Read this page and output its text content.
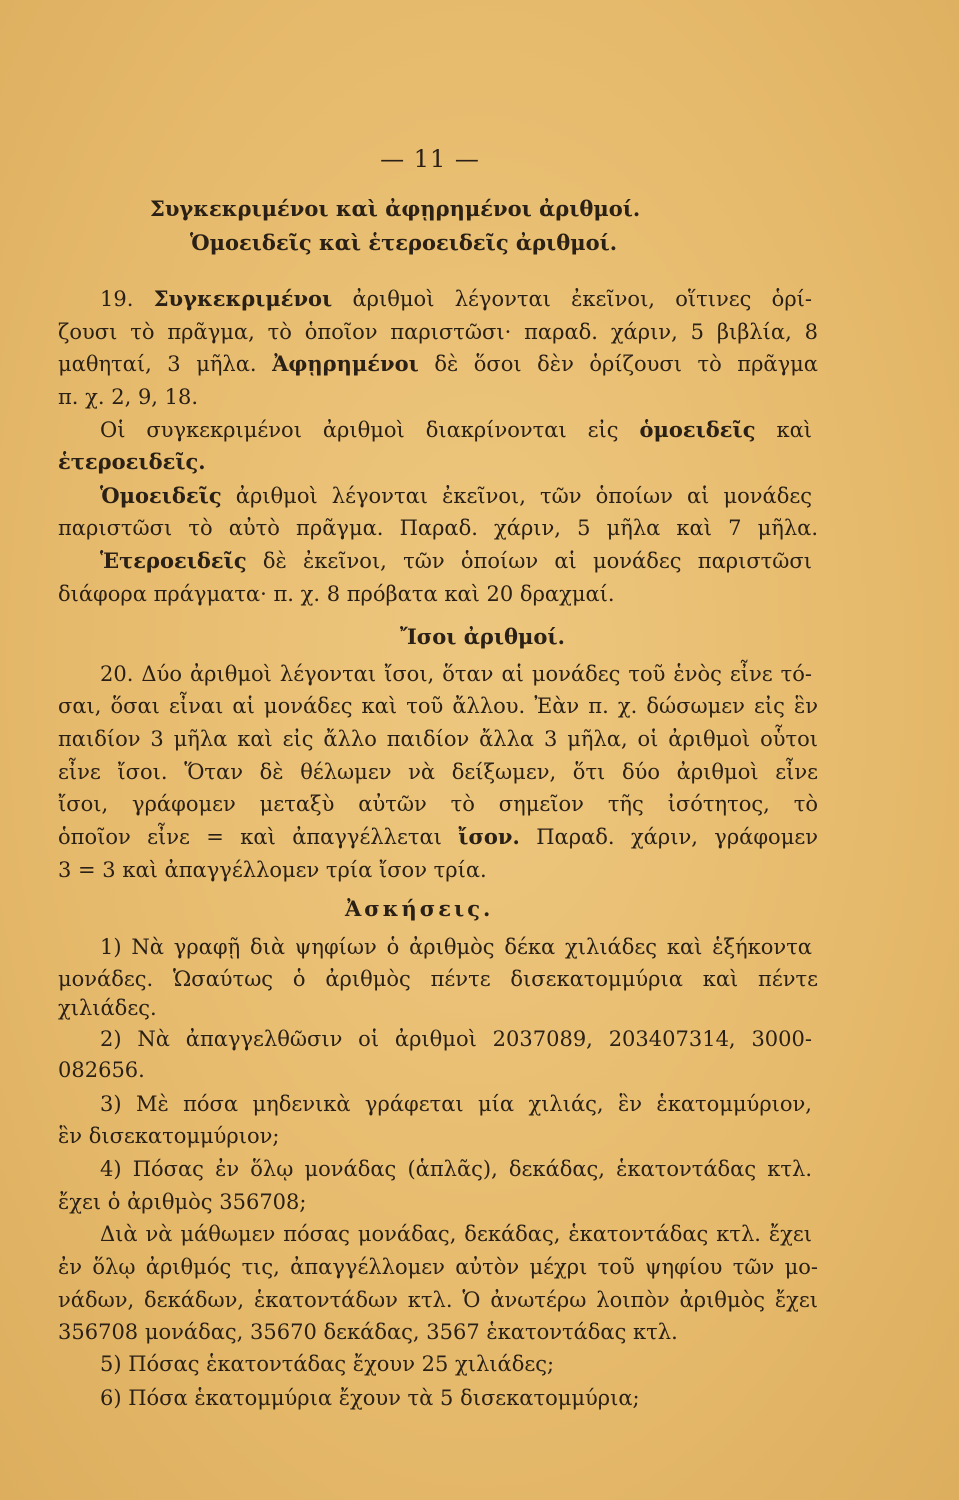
— 11 —
Συγκεκριμένοι καὶ ἀφῃρημένοι ἀριθμοί.
Ὁμοειδεῖς καὶ ἑτεροειδεῖς ἀριθμοί.
19. Συγκεκριμένοι ἀριθμοὶ λέγονται ἐκεῖνοι, οἵτινες ὁρί-
ζουσι τὸ πρᾶγμα, τὸ ὁποῖον παριστῶσι· παραδ. χάριν, 5 βιβλία, 8
μαθηταί, 3 μῆλα. Ἀφῃρημένοι δὲ ὅσοι δὲν ὁρίζουσι τὸ πρᾶγμα
π. χ. 2, 9, 18.
Οἱ συγκεκριμένοι ἀριθμοὶ διακρίνονται εἰς ὁμοειδεῖς καὶ
ἑτεροειδεῖς.
Ὁμοειδεῖς ἀριθμοὶ λέγονται ἐκεῖνοι, τῶν ὁποίων αἱ μονάδες
παριστῶσι τὸ αὐτὸ πρᾶγμα. Παραδ. χάριν, 5 μῆλα καὶ 7 μῆλα.
Ἑτεροειδεῖς δὲ ἐκεῖνοι, τῶν ὁποίων αἱ μονάδες παριστῶσι
διάφορα πράγματα· π. χ. 8 πρόβατα καὶ 20 δραχμαί.
Ἴσοι ἀριθμοί.
20. Δύο ἀριθμοὶ λέγονται ἴσοι, ὅταν αἱ μονάδες τοῦ ἑνὸς εἶνε τό-
σαι, ὅσαι εἶναι αἱ μονάδες καὶ τοῦ ἄλλου. Ἐὰν π. χ. δώσωμεν εἰς ἓν
παιδίον 3 μῆλα καὶ εἰς ἄλλο παιδίον ἄλλα 3 μῆλα, οἱ ἀριθμοὶ οὗτοι
εἶνε ἴσοι. Ὅταν δὲ θέλωμεν νὰ δείξωμεν, ὅτι δύο ἀριθμοὶ εἶνε
ἴσοι, γράφομεν μεταξὺ αὐτῶν τὸ σημεῖον τῆς ἰσότητος, τὸ
ὁποῖον εἶνε = καὶ ἀπαγγέλλεται ἴσον. Παραδ. χάριν, γράφομεν
3 = 3 καὶ ἀπαγγέλλομεν τρία ἴσον τρία.
Ἀσκήσεις.
1) Νὰ γραφῇ διὰ ψηφίων ὁ ἀριθμὸς δέκα χιλιάδες καὶ ἑξήκοντα
μονάδες. Ὡσαύτως ὁ ἀριθμὸς πέντε δισεκατομμύρια καὶ πέντε
χιλιάδες.
2) Νὰ ἀπαγγελθῶσιν οἱ ἀριθμοὶ 2037089, 203407314, 3000-
082656.
3) Μὲ πόσα μηδενικὰ γράφεται μία χιλιάς, ἓν ἑκατομμύριον,
ἓν δισεκατομμύριον;
4) Πόσας ἐν ὅλῳ μονάδας (ἁπλᾶς), δεκάδας, ἑκατοντάδας κτλ.
ἔχει ὁ ἀριθμὸς 356708;
Διὰ νὰ μάθωμεν πόσας μονάδας, δεκάδας, ἑκατοντάδας κτλ. ἔχει
ἐν ὅλῳ ἀριθμός τις, ἀπαγγέλλομεν αὐτὸν μέχρι τοῦ ψηφίου τῶν μο-
νάδων, δεκάδων, ἑκατοντάδων κτλ. Ὁ ἀνωτέρω λοιπὸν ἀριθμὸς ἔχει
356708 μονάδας, 35670 δεκάδας, 3567 ἑκατοντάδας κτλ.
5) Πόσας ἑκατοντάδας ἔχουν 25 χιλιάδες;
6) Πόσα ἑκατομμύρια ἔχουν τὰ 5 δισεκατομμύρια;
